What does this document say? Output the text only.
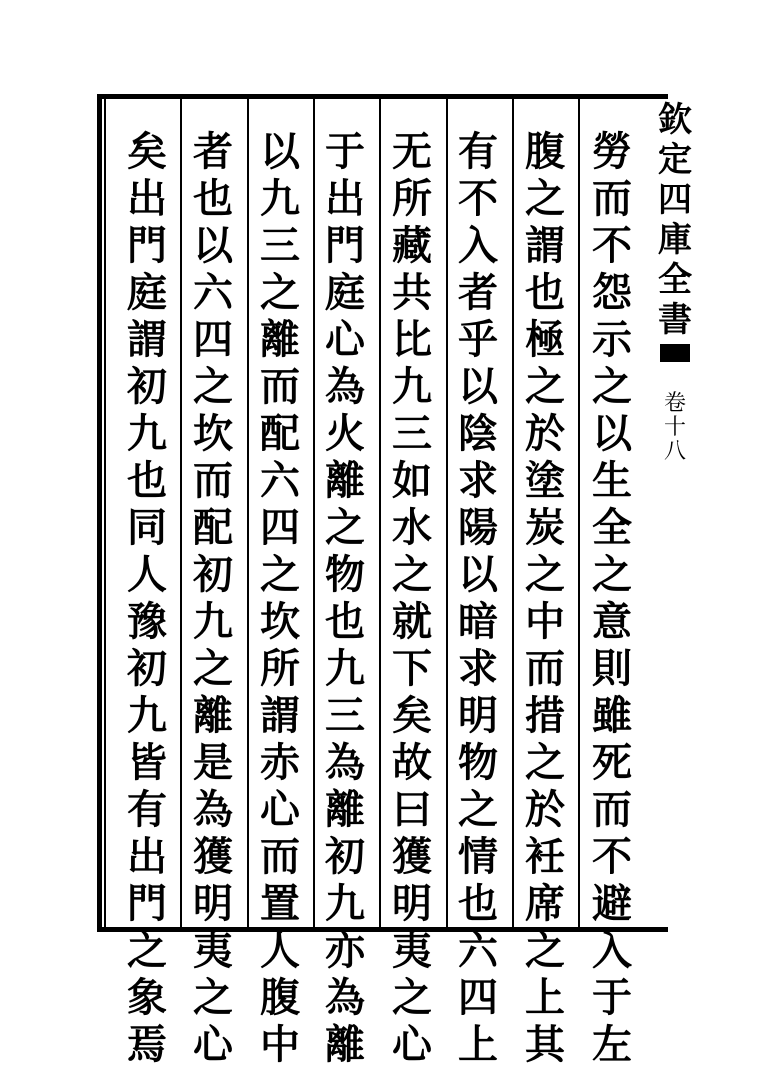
勞
而
不
怨
示
之
以
生
全
之
意
則
雖
死
而
不
避
入
于
左
腹
之
謂
也
極
之
於
塗
炭
之
中
而
措
之
於
衽
席
之
上
其
有
不
入
者
乎
以
陰
求
陽
以
暗
求
明
物
之
情
也
六
四
上
无
所
藏
共
比
九
三
如
水
之
就
下
矣
故
曰
獲
明
夷
之
心
于
出
門
庭
心
為
火
離
之
物
也
九
三
為
離
初
九
亦
為
離
以
九
三
之
離
而
配
六
四
之
坎
所
謂
赤
心
而
置
人
腹
中
者
也
以
六
四
之
坎
而
配
初
九
之
離
是
為
獲
明
夷
之
心
矣
出
門
庭
謂
初
九
也
同
人
豫
初
九
皆
有
出
門
之
象
焉
欽
定
四
庫
全
書
卷
十
八
